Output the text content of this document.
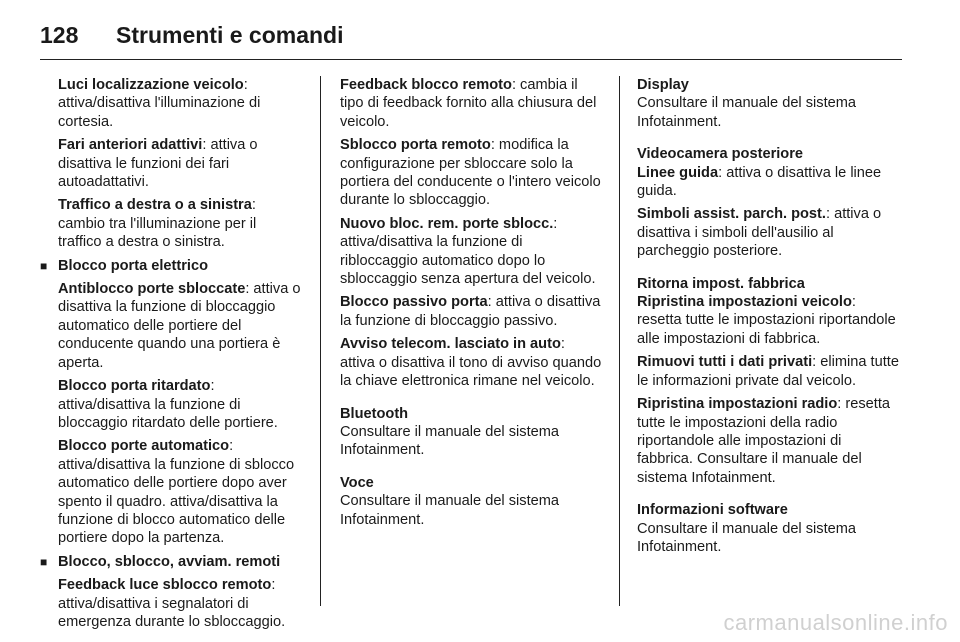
128	Strumenti e comandi

Luci localizzazione veicolo: attiva/disattiva l'illuminazione di cortesia.

Fari anteriori adattivi: attiva o disattiva le funzioni dei fari autoadattativi.

Traffico a destra o a sinistra: cambio tra l'illuminazione per il traffico a destra o sinistra.

■ Blocco porta elettrico

Antiblocco porte sbloccate: attiva o disattiva la funzione di bloccaggio automatico delle portiere del conducente quando una portiera è aperta.

Blocco porta ritardato: attiva/disattiva la funzione di bloccaggio ritardato delle portiere.

Blocco porte automatico: attiva/disattiva la funzione di sblocco automatico delle portiere dopo aver spento il quadro. attiva/disattiva la funzione di blocco automatico delle portiere dopo la partenza.

■ Blocco, sblocco, avviam. remoti

Feedback luce sblocco remoto: attiva/disattiva i segnalatori di emergenza durante lo sbloccaggio.

Feedback blocco remoto: cambia il tipo di feedback fornito alla chiusura del veicolo.

Sblocco porta remoto: modifica la configurazione per sbloccare solo la portiera del conducente o l'intero veicolo durante lo sbloccaggio.

Nuovo bloc. rem. porte sblocc.: attiva/disattiva la funzione di ribloccaggio automatico dopo lo sbloccaggio senza apertura del veicolo.

Blocco passivo porta: attiva o disattiva la funzione di bloccaggio passivo.

Avviso telecom. lasciato in auto: attiva o disattiva il tono di avviso quando la chiave elettronica rimane nel veicolo.

Bluetooth

Consultare il manuale del sistema Infotainment.

Voce

Consultare il manuale del sistema Infotainment.

Display

Consultare il manuale del sistema Infotainment.

Videocamera posteriore

Linee guida: attiva o disattiva le linee guida.

Simboli assist. parch. post.: attiva o disattiva i simboli dell'ausilio al parcheggio posteriore.

Ritorna impost. fabbrica

Ripristina impostazioni veicolo: resetta tutte le impostazioni riportandole alle impostazioni di fabbrica.

Rimuovi tutti i dati privati: elimina tutte le informazioni private dal veicolo.

Ripristina impostazioni radio: resetta tutte le impostazioni della radio riportandole alle impostazioni di fabbrica. Consultare il manuale del sistema Infotainment.

Informazioni software

Consultare il manuale del sistema Infotainment.

carmanualsonline.info
